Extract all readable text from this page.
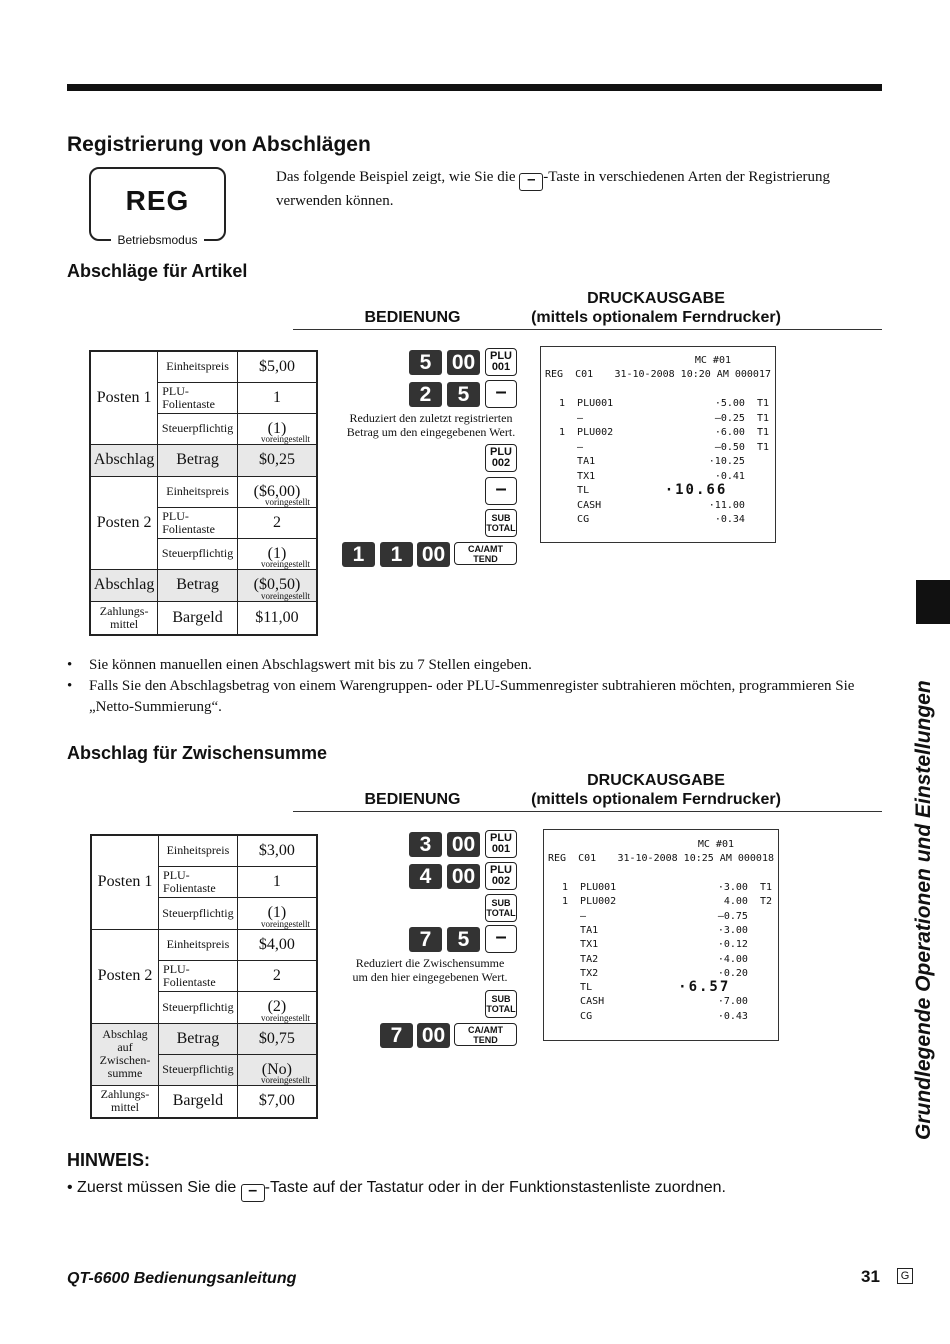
Registrierung von Abschlägen
REG
Betriebsmodus
Das folgende Beispiel zeigt, wie Sie die – -Taste in verschiedenen Arten der Registrierung verwenden können.
Abschläge für Artikel
DRUCKAUSGABE
(mittels optionalem Ferndrucker)
BEDIENUNG
Posten 1	Einheitspreis	$5,00
	PLU-
Folientaste	1
	Steuerpflichtig	(1)
voreingestellt

Abschlag	Betrag	$0,25
Posten 2	Einheitspreis	($6,00)
voringestellt

	PLU-
Folientaste	2
	Steuerpflichtig	(1)
voreingestellt

Abschlag	Betrag	($0,50)
voreingestellt

Zahlungs-
mittel	Bargeld	$11,00
5 00	PLU
001
2	5	–
Reduziert den zuletzt registrierten
Betrag um den eingegebenen Wert.
PLU
002
–
SUB
TOTAL
1	1 00	CA/AMT
TEND
MC #01
REG  C01 31-10-2008 10:20 AM 000017
1  PLU001	·5.00  T1
–	–0.25  T1
1  PLU002	·6.00  T1
–	–0.50  T1
TA1	·10.25
TX1	·0.41
TL	·10.66
CASH	·11.00
CG	·0.34
• Sie können manuellen einen Abschlagswert mit bis zu 7 Stellen eingeben.
• Falls Sie den Abschlagsbetrag von einem Warengruppen- oder PLU-Summenregister subtrahieren möchten, programmieren Sie „Netto-Summierung“.
Abschlag für Zwischensumme
DRUCKAUSGABE
(mittels optionalem Ferndrucker)
BEDIENUNG
Posten 1	Einheitspreis	$3,00
	PLU-
Folientaste	1
	Steuerpflichtig	(1)
voreingestellt

Posten 2	Einheitspreis	$4,00
	PLU-
Folientaste	2
	Steuerpflichtig	(2)
voreingestellt

Abschlag
auf
Zwischen-
summe	Betrag	$0,75
	Steuerpflichtig	(No)
voreingestellt

Zahlungs-
mittel	Bargeld	$7,00
3 00	PLU
001
4 00	PLU
002
SUB
TOTAL
7	5	–
Reduziert die Zwischensumme
um den hier eingegebenen Wert.
SUB
TOTAL
7 00	CA/AMT
TEND
MC #01
REG  C01 31-10-2008 10:25 AM 000018
1  PLU001	·3.00  T1
1  PLU002	4.00  T2
–	–0.75
TA1	·3.00
TX1	·0.12
TA2	·4.00
TX2	·0.20
TL	·6.57
CASH	·7.00
CG	·0.43	Grundlegende Operationen und Einstellungen
HINWEIS:
• Zuerst müssen Sie die – -Taste auf der Tastatur oder in der Funktionstastenliste zuordnen.
QT-6600 Bedienungsanleitung	31	G
